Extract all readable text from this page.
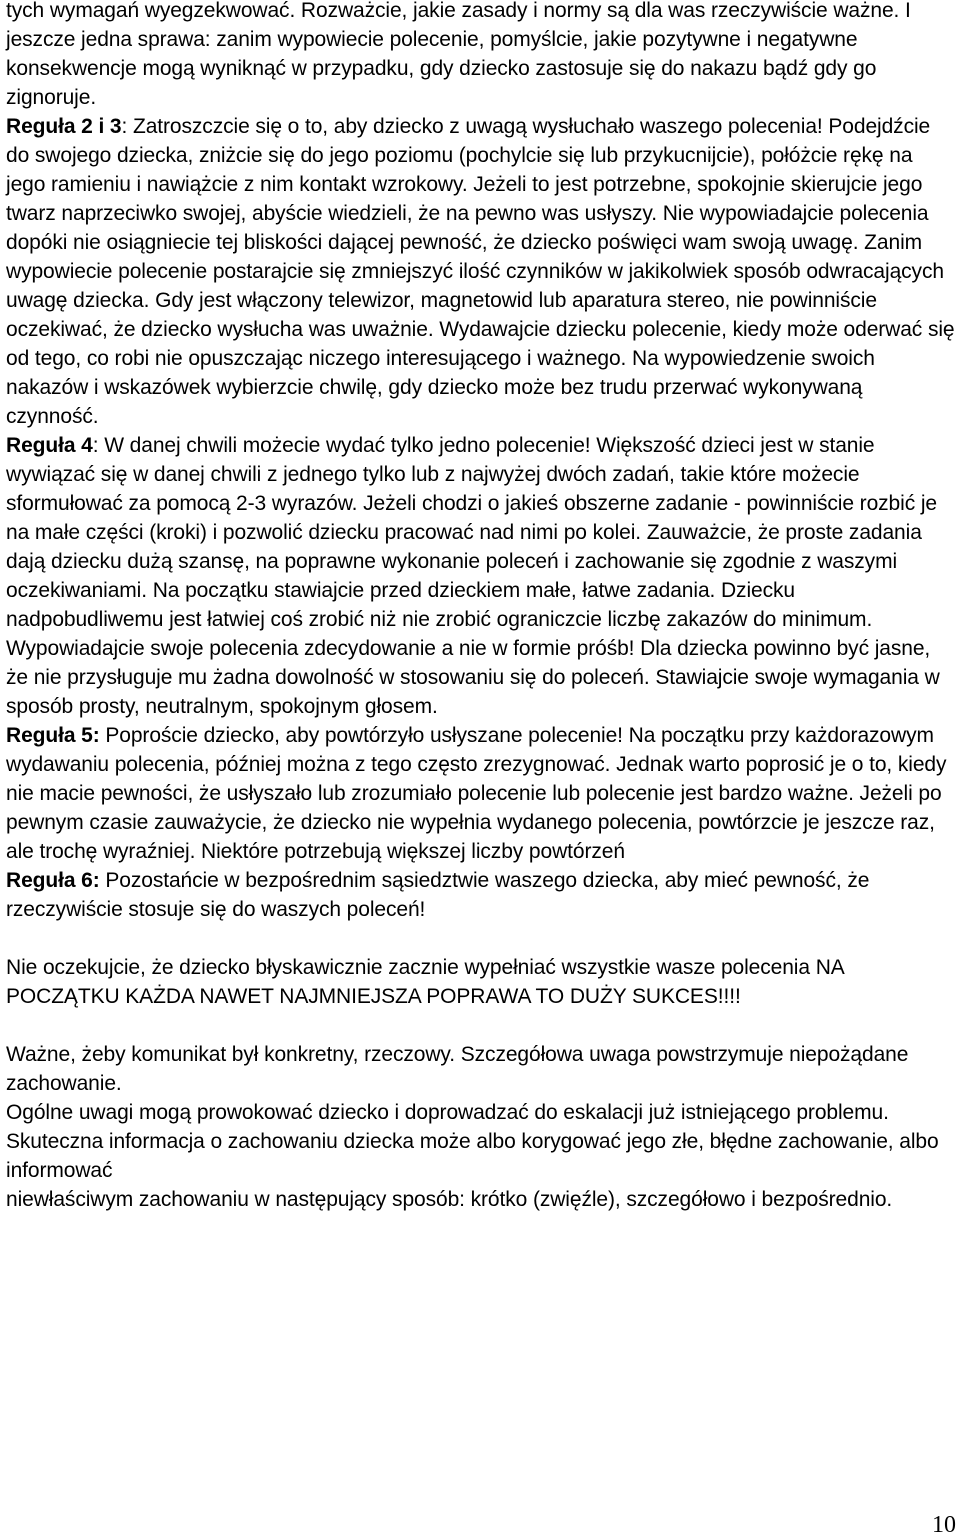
tych wymagań wyegzekwować. Rozważcie, jakie zasady i normy są dla was rzeczywiście ważne. I jeszcze jedna sprawa: zanim wypowiecie polecenie, pomyślcie, jakie pozytywne i negatywne konsekwencje mogą wyniknąć w przypadku, gdy dziecko zastosuje się do nakazu bądź gdy go zignoruje.

Reguła 2 i 3: Zatroszczcie się o to, aby dziecko z uwagą wysłuchało waszego polecenia! Podejdźcie do swojego dziecka, zniżcie się do jego poziomu (pochylcie się lub przykucnijcie), połóżcie rękę na jego ramieniu i nawiążcie z nim kontakt wzrokowy. Jeżeli to jest potrzebne, spokojnie skierujcie jego twarz naprzeciwko swojej, abyście wiedzieli, że na pewno was usłyszy. Nie wypowiadajcie polecenia dopóki nie osiągniecie tej bliskości dającej pewność, że dziecko poświęci wam swoją uwagę. Zanim wypowiecie polecenie postarajcie się zmniejszyć ilość czynników w jakikolwiek sposób odwracających uwagę dziecka. Gdy jest włączony telewizor, magnetowid lub aparatura stereo, nie powinniście oczekiwać, że dziecko wysłucha was uważnie. Wydawajcie dziecku polecenie, kiedy może oderwać się od tego, co robi nie opuszczając niczego interesującego i ważnego. Na wypowiedzenie swoich nakazów i wskazówek wybierzcie chwilę, gdy dziecko może bez trudu przerwać wykonywaną czynność.

Reguła 4: W danej chwili możecie wydać tylko jedno polecenie! Większość dzieci jest w stanie wywiązać się w danej chwili z jednego tylko lub z najwyżej dwóch zadań, takie które możecie sformułować za pomocą 2-3 wyrazów. Jeżeli chodzi o jakieś obszerne zadanie - powinniście rozbić je na małe części (kroki) i pozwolić dziecku pracować nad nimi po kolei. Zauważcie, że proste zadania dają dziecku dużą szansę, na poprawne wykonanie poleceń i zachowanie się zgodnie z waszymi oczekiwaniami. Na początku stawiajcie przed dzieckiem małe, łatwe zadania. Dziecku nadpobudliwemu jest łatwiej coś zrobić niż nie zrobić ograniczcie liczbę zakazów do minimum. Wypowiadajcie swoje polecenia zdecydowanie a nie w formie próśb! Dla dziecka powinno być jasne, że nie przysługuje mu żadna dowolność w stosowaniu się do poleceń. Stawiajcie swoje wymagania w sposób prosty, neutralnym, spokojnym głosem.

Reguła 5: Poproście dziecko, aby powtórzyło usłyszane polecenie! Na początku przy każdorazowym wydawaniu polecenia, później można z tego często zrezygnować. Jednak warto poprosić je o to, kiedy nie macie pewności, że usłyszało lub zrozumiało polecenie lub polecenie jest bardzo ważne. Jeżeli po pewnym czasie zauważycie, że dziecko nie wypełnia wydanego polecenia, powtórzcie je jeszcze raz, ale trochę wyraźniej. Niektóre potrzebują większej liczby powtórzeń

Reguła 6: Pozostańcie w bezpośrednim sąsiedztwie waszego dziecka, aby mieć pewność, że rzeczywiście stosuje się do waszych poleceń!

Nie oczekujcie, że dziecko błyskawicznie zacznie wypełniać wszystkie wasze polecenia NA POCZĄTKU KAŻDA NAWET NAJMNIEJSZA POPRAWA TO DUŻY SUKCES!!!!

Ważne, żeby komunikat był konkretny, rzeczowy. Szczegółowa uwaga powstrzymuje niepożądane zachowanie.

Ogólne uwagi mogą prowokować dziecko i doprowadzać do eskalacji już istniejącego problemu.

Skuteczna informacja o zachowaniu dziecka może albo korygować jego złe, błędne zachowanie, albo informować

niewłaściwym zachowaniu w następujący sposób: krótko (zwięźle), szczegółowo i bezpośrednio.

10
